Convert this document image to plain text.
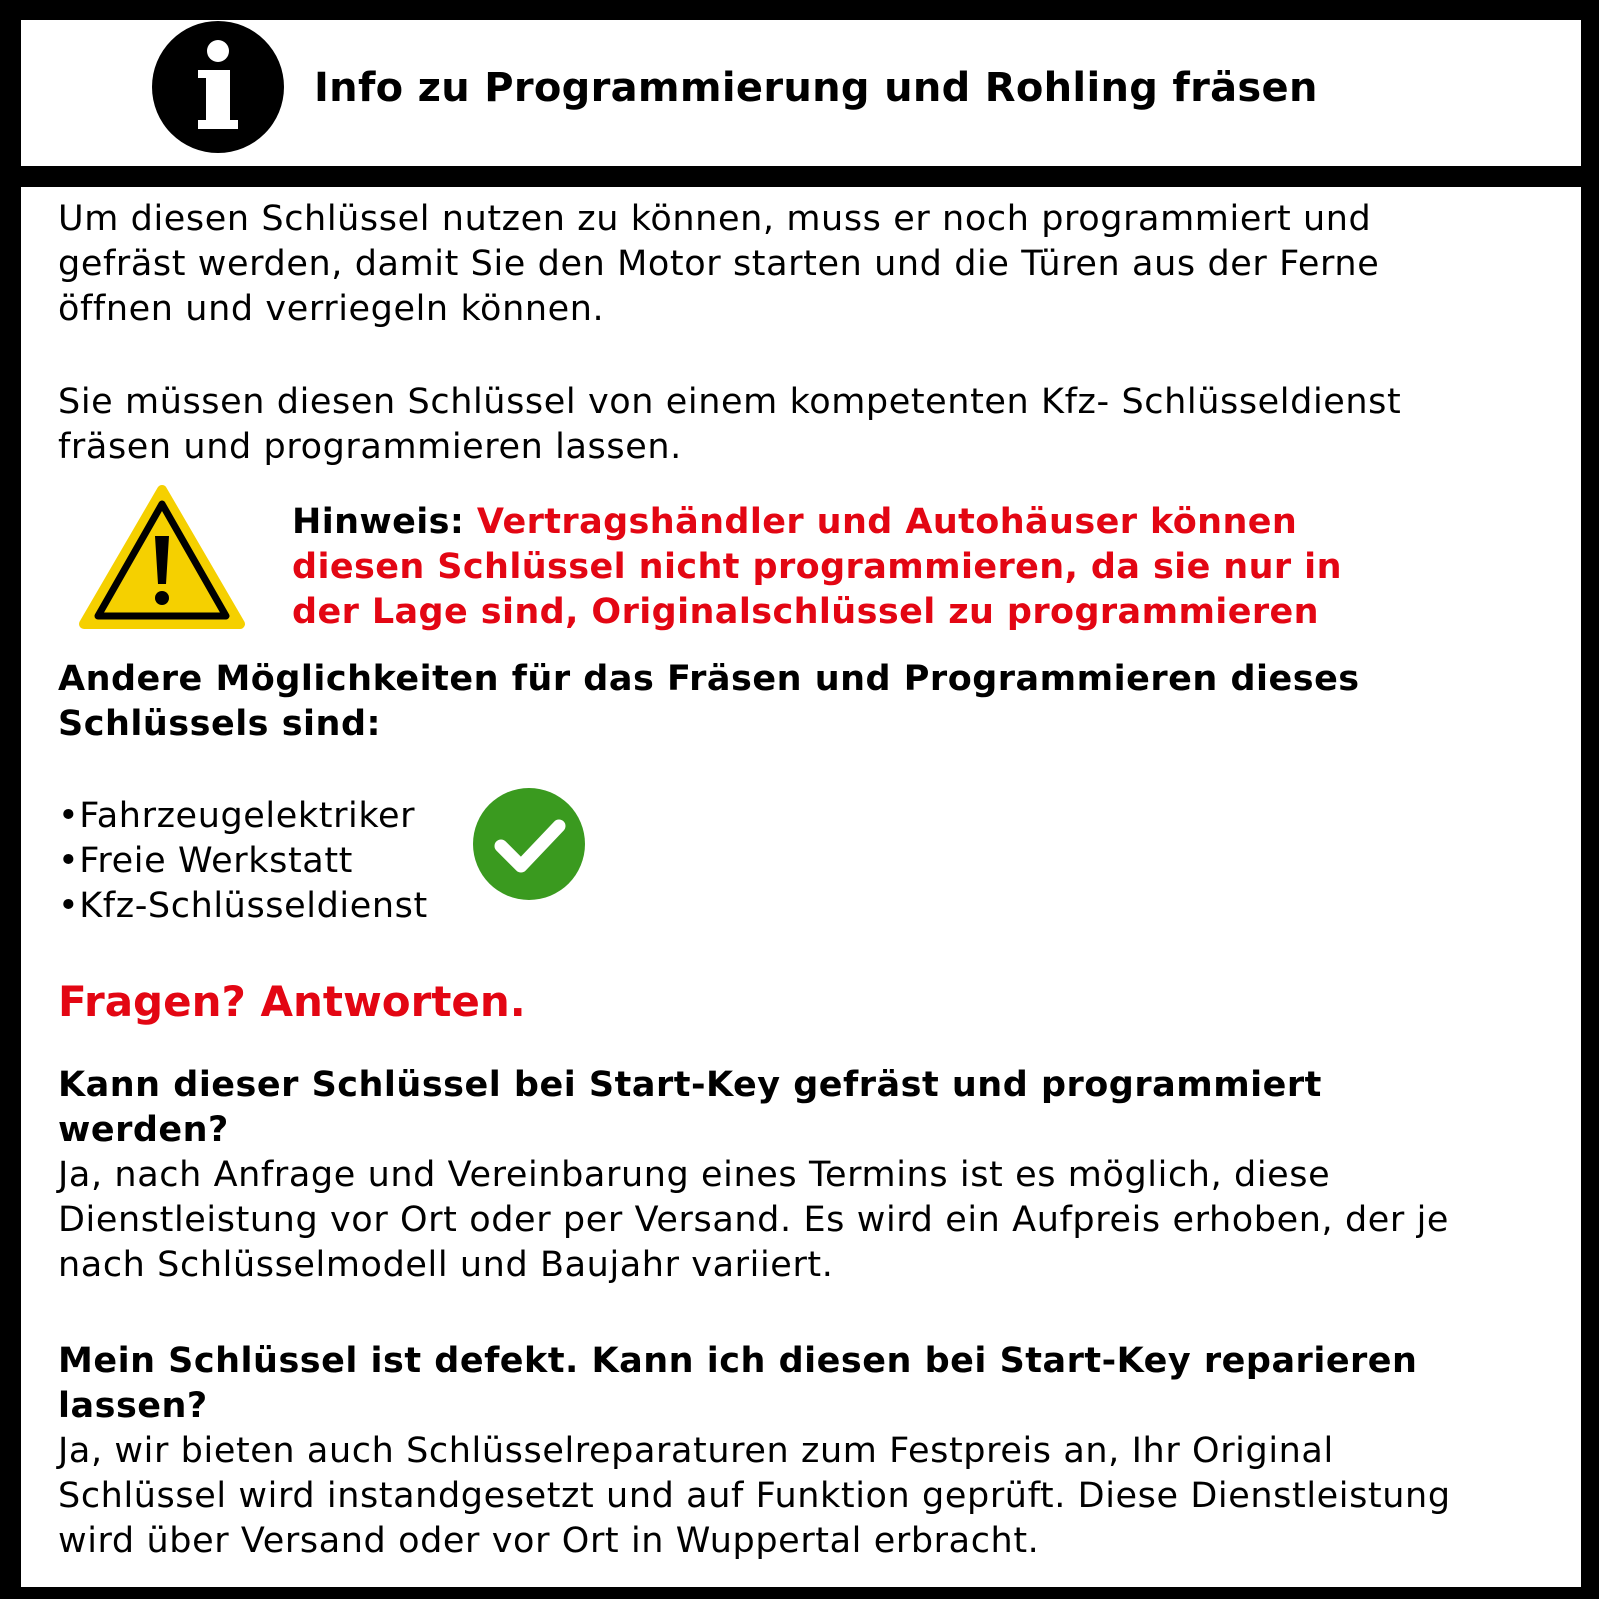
Info zu Programmierung und Rohling fräsen
Um diesen Schlüssel nutzen zu können, muss er noch programmiert und
gefräst werden, damit Sie den Motor starten und die Türen aus der Ferne
öffnen und verriegeln können.
Sie müssen diesen Schlüssel von einem kompetenten Kfz- Schlüsseldienst
fräsen und programmieren lassen.
Hinweis: Vertragshändler und Autohäuser können
diesen Schlüssel nicht programmieren, da sie nur in
der Lage sind, Originalschlüssel zu programmieren
Andere Möglichkeiten für das Fräsen und Programmieren dieses
Schlüssels sind:
•Fahrzeugelektriker
•Freie Werkstatt
•Kfz-Schlüsseldienst
Fragen? Antworten.
Kann dieser Schlüssel bei Start-Key gefräst und programmiert
werden?
Ja, nach Anfrage und Vereinbarung eines Termins ist es möglich, diese
Dienstleistung vor Ort oder per Versand. Es wird ein Aufpreis erhoben, der je
nach Schlüsselmodell und Baujahr variiert.
Mein Schlüssel ist defekt. Kann ich diesen bei Start-Key reparieren
lassen?
Ja, wir bieten auch Schlüsselreparaturen zum Festpreis an, Ihr Original
Schlüssel wird instandgesetzt und auf Funktion geprüft. Diese Dienstleistung
wird über Versand oder vor Ort in Wuppertal erbracht.
